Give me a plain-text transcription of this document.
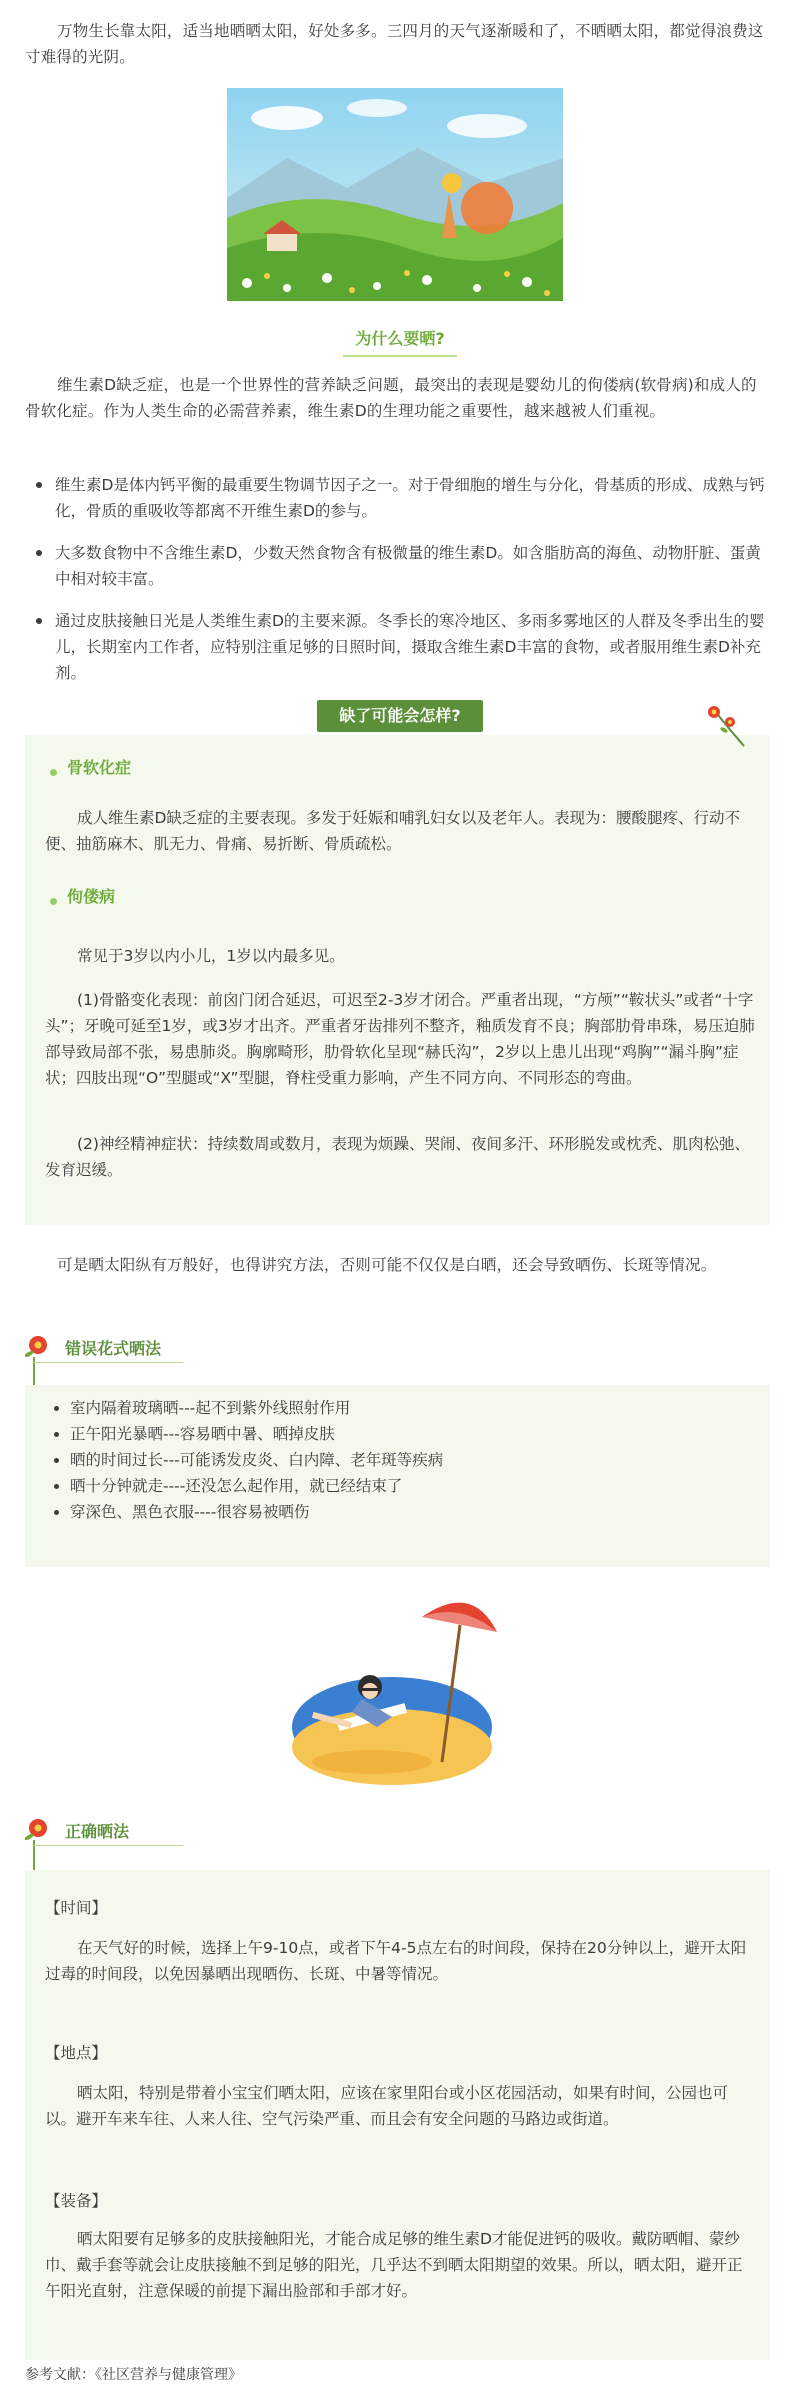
万物生长靠太阳，适当地晒晒太阳，好处多多。三四月的天气逐渐暖和了，不晒晒太阳，都觉得浪费这寸难得的光阴。

为什么要晒?

维生素D缺乏症，也是一个世界性的营养缺乏问题，最突出的表现是婴幼儿的佝偻病(软骨病)和成人的骨软化症。作为人类生命的必需营养素，维生素D的生理功能之重要性，越来越被人们重视。

维生素D是体内钙平衡的最重要生物调节因子之一。对于骨细胞的增生与分化，骨基质的形成、成熟与钙化，骨质的重吸收等都离不开维生素D的参与。
大多数食物中不含维生素D，少数天然食物含有极微量的维生素D。如含脂肪高的海鱼、动物肝脏、蛋黄中相对较丰富。
通过皮肤接触日光是人类维生素D的主要来源。冬季长的寒冷地区、多雨多雾地区的人群及冬季出生的婴儿，长期室内工作者，应特别注重足够的日照时间，摄取含维生素D丰富的食物，或者服用维生素D补充剂。
骨软化症

成人维生素D缺乏症的主要表现。多发于妊娠和哺乳妇女以及老年人。表现为：腰酸腿疼、行动不便、抽筋麻木、肌无力、骨痛、易折断、骨质疏松。

佝偻病

常见于3岁以内小儿，1岁以内最多见。

(1)骨骼变化表现：前囟门闭合延迟，可迟至2-3岁才闭合。严重者出现，“方颅”“鞍状头”或者“十字头”；牙晚可延至1岁，或3岁才出齐。严重者牙齿排列不整齐，釉质发育不良；胸部肋骨串珠，易压迫肺部导致局部不张，易患肺炎。胸廓畸形，肋骨软化呈现“赫氏沟”，2岁以上患儿出现“鸡胸”“漏斗胸”症状；四肢出现“O”型腿或“X”型腿，脊柱受重力影响，产生不同方向、不同形态的弯曲。

(2)神经精神症状：持续数周或数月，表现为烦躁、哭闹、夜间多汗、环形脱发或枕秃、肌肉松弛、发育迟缓。

缺了可能会怎样?

可是晒太阳纵有万般好，也得讲究方法，否则可能不仅仅是白晒，还会导致晒伤、长斑等情况。

错误花式晒法
室内隔着玻璃晒---起不到紫外线照射作用
正午阳光暴晒---容易晒中暑、晒掉皮肤
晒的时间过长---可能诱发皮炎、白内障、老年斑等疾病
晒十分钟就走----还没怎么起作用，就已经结束了
穿深色、黑色衣服----很容易被晒伤
正确晒法
【时间】

在天气好的时候，选择上午9-10点，或者下午4-5点左右的时间段，保持在20分钟以上，避开太阳过毒的时间段，以免因暴晒出现晒伤、长斑、中暑等情况。

【地点】

晒太阳，特别是带着小宝宝们晒太阳，应该在家里阳台或小区花园活动，如果有时间，公园也可以。避开车来车往、人来人往、空气污染严重、而且会有安全问题的马路边或街道。

【装备】

晒太阳要有足够多的皮肤接触阳光，才能合成足够的维生素D才能促进钙的吸收。戴防晒帽、蒙纱巾、戴手套等就会让皮肤接触不到足够的阳光，几乎达不到晒太阳期望的效果。所以，晒太阳，避开正午阳光直射，注意保暖的前提下漏出脸部和手部才好。

参考文献：《社区营养与健康管理》
